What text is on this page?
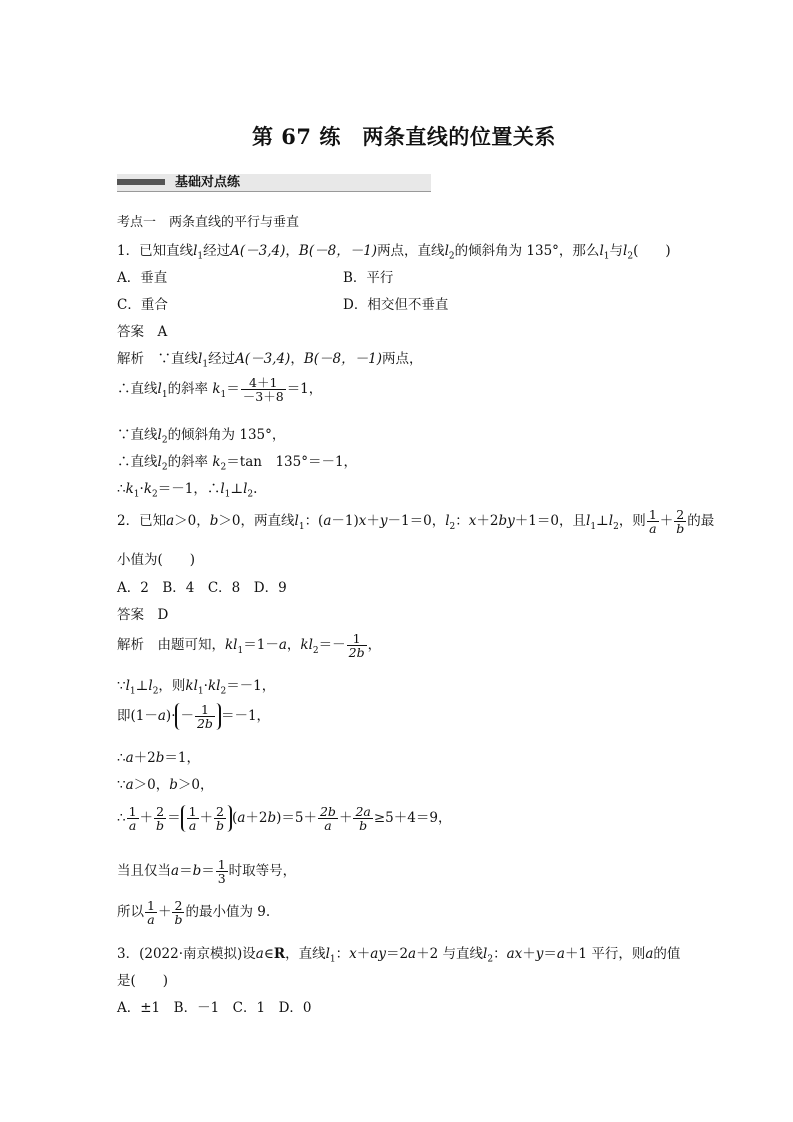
第 67 练　两条直线的位置关系
基础对点练
考点一　两条直线的平行与垂直
1．已知直线$l_1$经过A(－3,4)，B(－8，－1)两点，直线$l_2$的倾斜角为 135°，那么$l_1$与$l_2$(　　)
A．垂直	B．平行
C．重合	D．相交但不垂直
答案　 A
解析　 ∵直线$l_1$经过A(－3,4)，B(－8，－1)两点，
∴直线$l_1$的斜率 $k_1= \frac{4+1}{-3+8} =1$，
∵直线$l_2$的倾斜角为 135°，
∴直线$l_2$的斜率 $k_2=\tan$　135°＝－1，
$\therefore k_1\cdot k_2=-1$，$\therefore l_1\perp l_2$.
2．已知a＞0，b＞0，两直线$l_1$：(a－1)x＋y－1＝0，$l_2$：x＋2by＋1＝0，且$l_1\perp l_2$，则 $\frac{1}{a} + \frac{2}{b}$ 的最
小值为(　　)
A．2　B．4　C．8　D．9
答案　 D
解析　 由题可知，$kl_1=1-a$，$kl_2=- \frac{1}{2b}$ ，
$\because l_1\perp l_2$，则$kl_1\cdot kl_2=-1$，
即$(1-a)\cdot - \frac{1}{2b} =-1$，
∴a＋2b＝1，
∵a＞0，b＞0，
∴ $\frac{1}{a} + \frac{2}{b} = \frac{1}{a} + \frac{2}{b} (a+2b)=5+ \frac{2b}{a} + \frac{2a}{b} \ge 5+4=9$，
当且仅当$a=b= \frac{1}{3}$ 时取等号，
所以 $\frac{1}{a} + \frac{2}{b}$ 的最小值为 9.
3．(2022·南京模拟)设a∈R，直线$l_1$：x＋ay＝2a＋2 与直线$l_2$：ax＋y＝a＋1 平行，则a的值
是(　　)
A．±1　B．－1　C．1　D．0
